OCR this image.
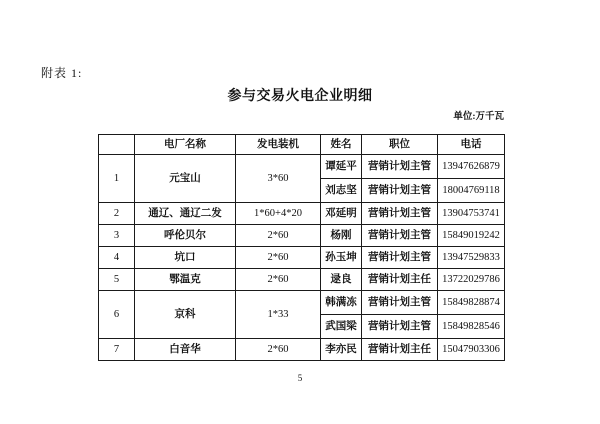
附表 1:
参与交易火电企业明细
单位:万千瓦
	电厂名称	发电装机	姓名	职位	电话
1	元宝山	3*60	谭延平	营销计划主管	13947626879
			刘志坚	营销计划主管	18004769118
2	通辽、通辽二发	1*60+4*20	邓延明	营销计划主管	13904753741
3	呼伦贝尔	2*60	杨刚	营销计划主管	15849019242
4	坑口	2*60	孙玉坤	营销计划主管	13947529833
5	鄂温克	2*60	逯良	营销计划主任	13722029786
6	京科	1*33	韩满冻	营销计划主管	15849828874
			武国梁	营销计划主管	15849828546
7	白音华	2*60	李亦民	营销计划主任	15047903306
5
